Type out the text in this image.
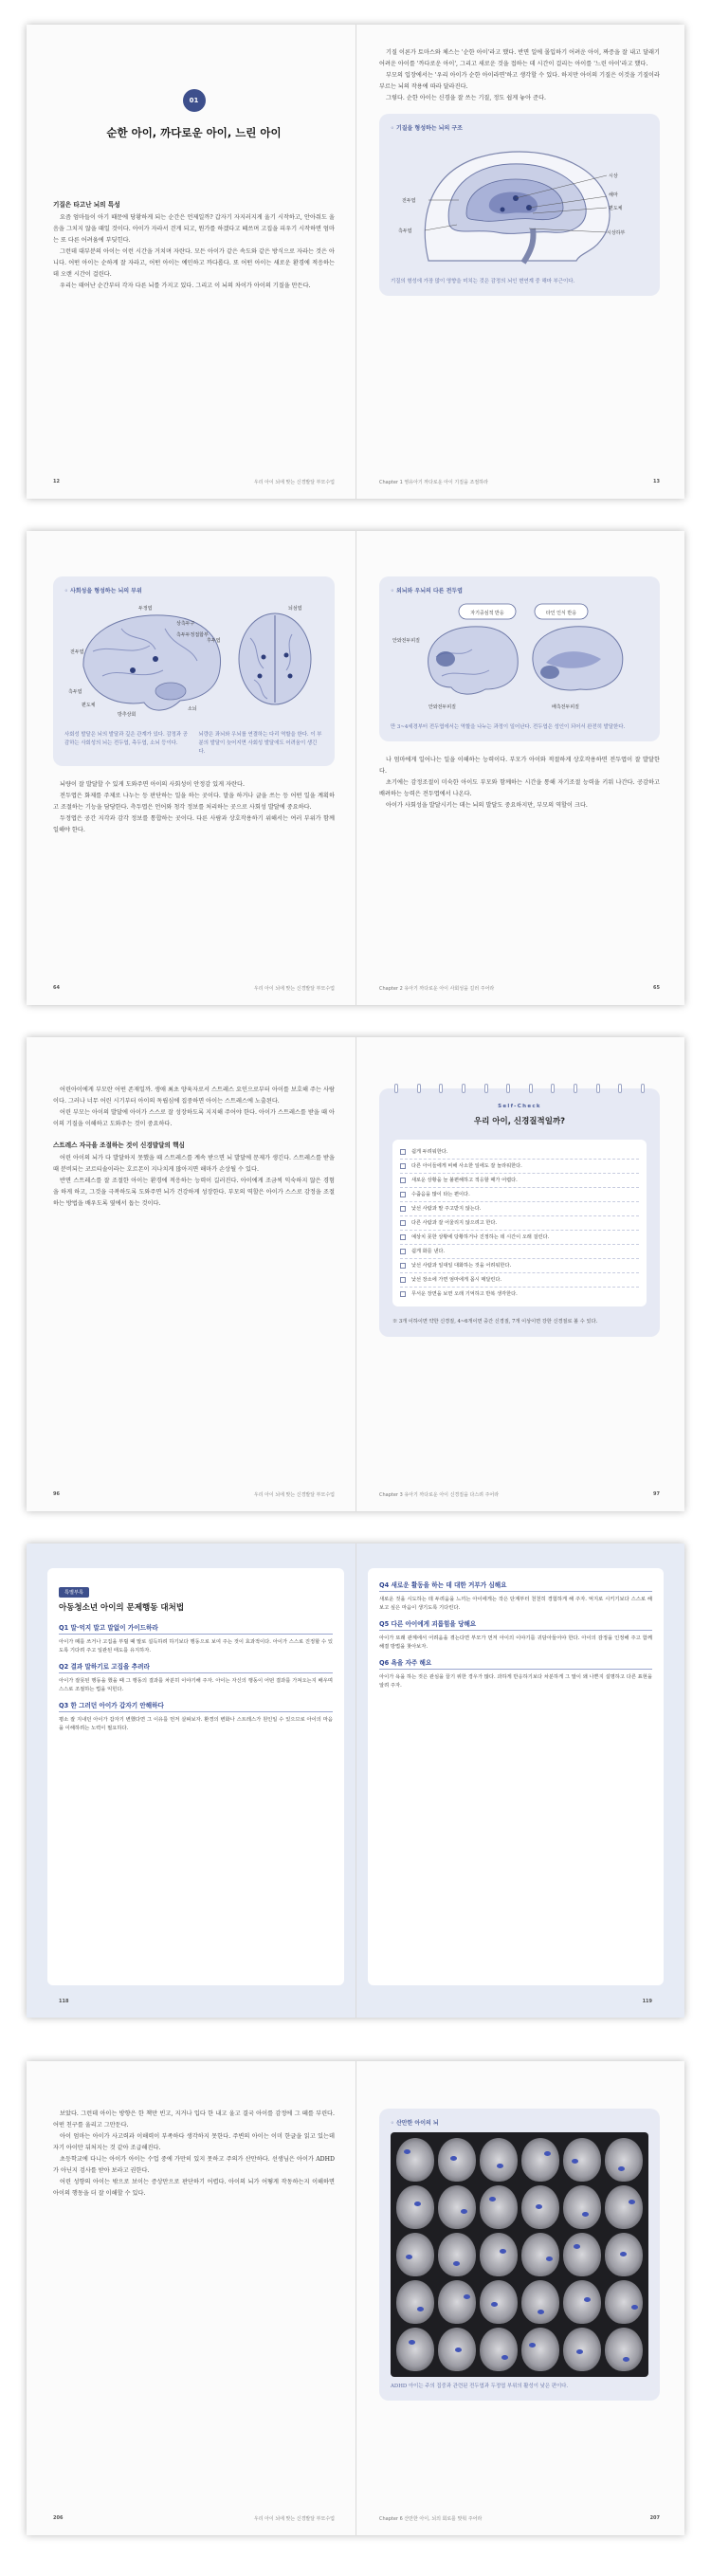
01
순한 아이, 까다로운 아이, 느린 아이
기질은 타고난 뇌의 특성

요즘 엄마들이 아기 때문에 당황하게 되는 순간은 언제일까? 갑자기 자지러지게 울기 시작하고, 안아줘도 울음을 그치지 않을 때일 것이다. 아이가 자라서 걷게 되고, 뭔가를 하겠다고 떼쓰며 고집을 피우기 시작하면 엄마는 또 다른 어려움에 부딪힌다.

그런데 대부분의 아이는 이런 시간을 거치며 자란다. 모든 아이가 같은 속도와 같은 방식으로 자라는 것은 아니다. 어떤 아이는 순하게 잘 자라고, 어떤 아이는 예민하고 까다롭다. 또 어떤 아이는 새로운 환경에 적응하는 데 오랜 시간이 걸린다.

우리는 태어난 순간부터 각자 다른 뇌를 가지고 있다. 그리고 이 뇌의 차이가 아이의 기질을 만든다.

12	우리 아이 뇌에 맞는 신경발달 부모수업

기질 이론가 토마스와 체스는 '순한 아이'라고 했다. 반면 일에 몰입하기 어려운 아이, 짜증을 잘 내고 달래기 어려운 아이를 '까다로운 아이', 그리고 새로운 것을 접하는 데 시간이 걸리는 아이를 '느린 아이'라고 했다.

부모의 입장에서는 '우리 아이가 순한 아이라면'하고 생각할 수 있다. 하지만 아이의 기질은 이것을 기질이라 부르는 뇌의 작용에 따라 달라진다.

그렇다. 순한 아이는 신경을 잘 쓰는 기질, 정도 쉽게 놓아 준다.

◦ 기질을 형성하는 뇌의 구조
전두엽
시상
해마
편도체
측두엽	시상하부
기질의 형성에 가장 많이 영향을 미치는 것은 감정의 뇌인 변연계 중 해마 부근이다.
Chapter 1 영유아기 까다로운 아이 기질을 조절하라	13
◦ 사회성을 형성하는 뇌의 부위
전두엽
두정엽
상측두구
측두엽
후두엽
방추상회
소뇌
편도체
측두두정접합부
뇌섬엽
사회성 발달은 뇌의 발달과 깊은 관계가 있다. 감정과 공감하는 사회성의 뇌는 전두엽, 측두엽, 소뇌 등이다.
뇌량은 좌뇌와 우뇌를 연결하는 다리 역할을 한다. 이 부분의 발달이 늦어지면 사회성 발달에도 어려움이 생긴다.

뇌량이 잘 발달할 수 있게 도와주면 아이의 사회성이 안정감 있게 자란다.

전두엽은 화제를 주제로 나누는 등 판단하는 일을 하는 곳이다. 말을 하거나 글을 쓰는 등 어떤 일을 계획하고 조절하는 기능을 담당한다. 측두엽은 언어와 청각 정보를 처리하는 곳으로 사회성 발달에 중요하다.

두정엽은 공간 지각과 감각 정보를 통합하는 곳이다. 다른 사람과 상호작용하기 위해서는 여러 부위가 함께 일해야 한다.

64	우리 아이 뇌에 맞는 신경발달 부모수업
◦ 외뇌와 우뇌의 다른 전두엽
자기중심적 반응	타인 인식 반응
안와전두피질
안와전두피질	배측전두피질
만 3~4세경부터 전두엽에서는 역할을 나누는 과정이 일어난다. 전두엽은 성인이 되어서 완전히 발달한다.

나 엄마에게 일어나는 일을 이해하는 능력이다. 부모가 아이와 적절하게 상호작용하면 전두엽이 잘 발달한다.

초기에는 감정조절이 미숙한 아이도 부모와 함께하는 시간을 통해 자기조절 능력을 키워 나간다. 공감하고 배려하는 능력은 전두엽에서 나온다.

아이가 사회성을 발달시키는 데는 뇌의 발달도 중요하지만, 부모의 역할이 크다.

Chapter 2 유아기 까다로운 아이 사회성을 길러 주어라	65

어린아이에게 부모란 어떤 존재일까. 생애 최초 양육자로서 스트레스 요인으로부터 아이를 보호해 주는 사람이다. 그러나 너무 어린 시기부터 아이의 독립심에 집중하면 아이는 스트레스에 노출된다.

어린 부모는 아이의 발달에 아이가 스스로 잘 성장하도록 지지해 주어야 한다. 아이가 스트레스를 받을 때 아이의 기질을 이해하고 도와주는 것이 중요하다.

스트레스 자극을 조절하는 것이 신경발달의 핵심

어린 아이의 뇌가 다 발달하지 못했을 때 스트레스를 계속 받으면 뇌 발달에 문제가 생긴다. 스트레스를 받을 때 분비되는 코르티솔이라는 호르몬이 지나치게 많아지면 해마가 손상될 수 있다.

반면 스트레스를 잘 조절한 아이는 환경에 적응하는 능력이 길러진다. 아이에게 조금씩 익숙하지 않은 경험을 하게 하고, 그것을 극복하도록 도와주면 뇌가 건강하게 성장한다. 부모의 역할은 아이가 스스로 감정을 조절하는 방법을 배우도록 옆에서 돕는 것이다.

96	우리 아이 뇌에 맞는 신경발달 부모수업
Self-Check
우리 아이, 신경질적일까?
쉽게 두려워한다.
다른 아이들에게 비해 사소한 일에도 잘 놀라워한다.
새로운 상황을 늘 불편해하고 적응할 때가 어렵다.
수줍음을 많이 타는 편이다.
낯선 사람과 말 주고받지 않는다.
다른 사람과 잘 어울리지 않으려고 한다.
예상치 못한 상황에 당황하거나 진정하는 데 시간이 오래 걸린다.
쉽게 화를 낸다.
낯선 사람과 일대일 대화하는 것을 어려워한다.
낯선 장소에 가면 엄마에게 몹시 매달린다.
무서운 장면을 보면 오래 기억하고 반복 생각한다.
※ 3개 이하이면 약한 신경질, 4~6개이면 중간 신경질, 7개 이상이면 강한 신경질로 볼 수 있다.
Chapter 3 유아기 까다로운 아이 신경질을 다스려 주어라	97
특별부록
아동청소년 아이의 문제행동 대처법
Q1 말·억지 말고 말없이 가이드하라
아이가 떼를 쓰거나 고집을 부릴 때 말로 설득하려 하기보다 행동으로 보여 주는 것이 효과적이다. 아이가 스스로 진정할 수 있도록 기다려 주고 일관된 태도를 유지하자.
Q2 결과 말하기로 고집을 추려라
아이가 잘못된 행동을 했을 때 그 행동의 결과를 차분히 이야기해 주자. 아이는 자신의 행동이 어떤 결과를 가져오는지 배우며 스스로 조절하는 법을 익힌다.
Q3 한 그러던 아이가 갑자기 안해하다
평소 잘 지내던 아이가 갑자기 변했다면 그 이유를 먼저 살펴보자. 환경의 변화나 스트레스가 원인일 수 있으므로 아이의 마음을 이해하려는 노력이 필요하다.
118
Q4 새로운 활동을 하는 데 대한 거부가 심해요
새로운 것을 시도하는 데 두려움을 느끼는 아이에게는 작은 단계부터 천천히 경험하게 해 주자. 억지로 시키기보다 스스로 해 보고 싶은 마음이 생기도록 기다린다.
Q5 다른 아이에게 괴롭힘을 당해요
아이가 또래 관계에서 어려움을 겪는다면 부모가 먼저 아이의 이야기를 귀담아들어야 한다. 아이의 감정을 인정해 주고 함께 해결 방법을 찾아보자.
Q6 욕을 자주 해요
아이가 욕을 하는 것은 관심을 끌기 위한 경우가 많다. 과하게 반응하기보다 차분하게 그 말이 왜 나쁜지 설명하고 다른 표현을 알려 주자.
119

보았다. 그런데 아이는 방향은 한 책만 빈고, 지거나 입다 한 내고 울고 결국 아이를 감정에 그 떼를 부린다. 어떤 친구를 울리고 그만둔다.

아이 엄마는 아이가 사고력과 이해력이 부족하다 생각하지 못한다. 주변의 아이는 이미 한글을 읽고 있는데 자기 아이만 뒤처지는 것 같아 조급해진다.

초등학교에 다니는 아이가 아이는 수업 중에 가만히 있지 못하고 주의가 산만하다. 선생님은 아이가 ADHD가 아닌지 검사를 받아 보라고 권한다.

어린 성향의 아이는 밖으로 보이는 증상만으로 판단하기 어렵다. 아이의 뇌가 어떻게 작동하는지 이해하면 아이의 행동을 더 잘 이해할 수 있다.

206	우리 아이 뇌에 맞는 신경발달 부모수업
◦ 산만한 아이의 뇌
ADHD 아이는 주의 집중과 관련된 전두엽과 두정엽 부위의 활성이 낮은 편이다.
Chapter 6 산만한 아이, 뇌의 회로를 맞춰 주어라	207
